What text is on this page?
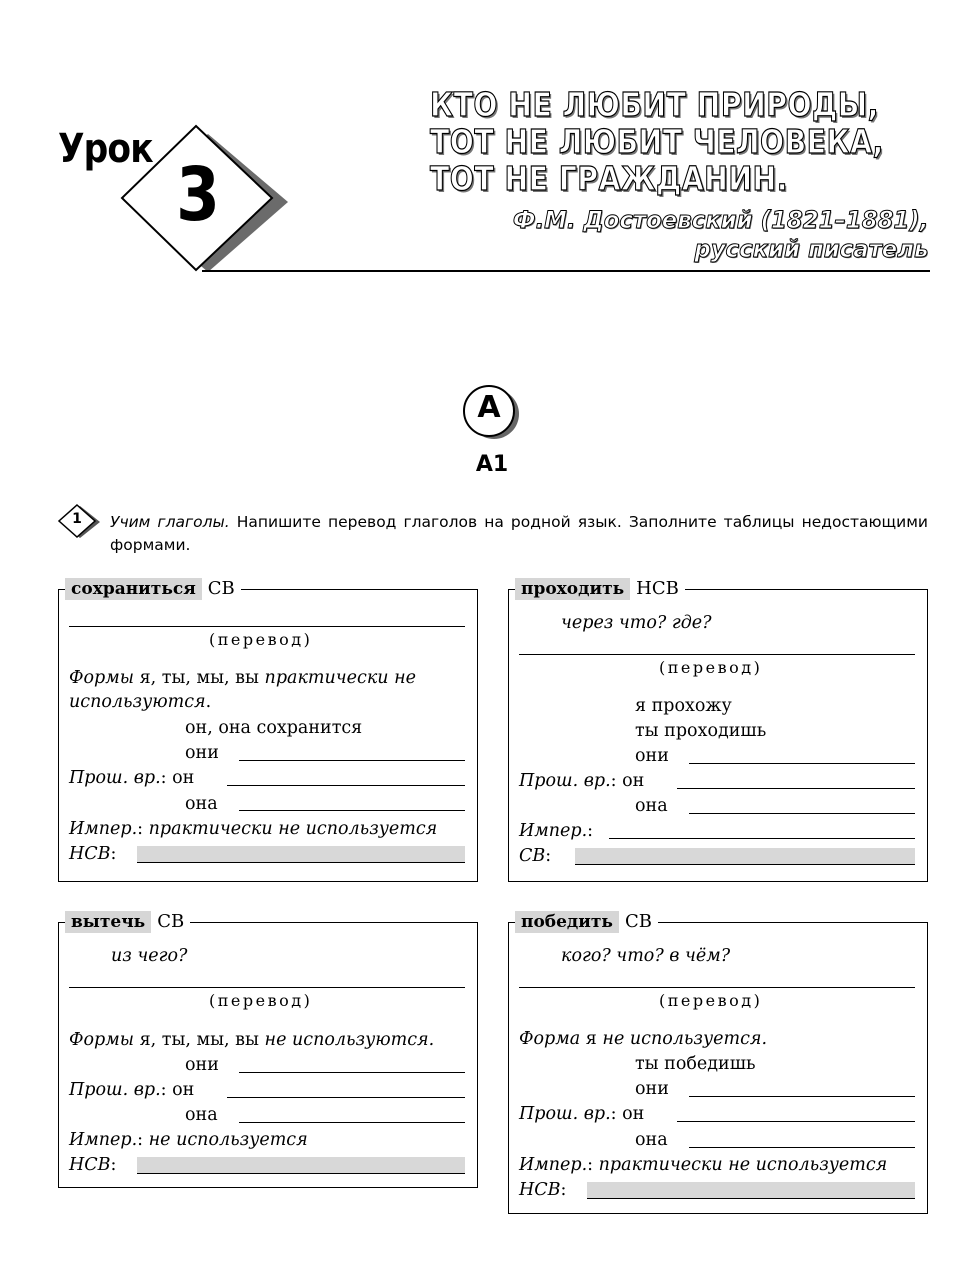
Урок
3
КТО НЕ ЛЮБИТ ПРИРОДЫ,
ТОТ НЕ ЛЮБИТ ЧЕЛОВЕКА,
ТОТ НЕ ГРАЖДАНИН.
Ф.М. Достоевский (1821–1881),
русский писатель
А
А1
1	Учим глаголы. Напишите перевод глаголов на родной язык. Заполните таблицы недостающими формами.
сохраниться СВ
(перевод)
Формы я, ты, мы, вы практически не
используются.
он, она сохранится
они
Прош. вр.: он
она
Импер.: практически не используется
НСВ:
проходить НСВ
через что? где?
(перевод)
я прохожу
ты проходишь
они
Прош. вр.: он
она
Импер.:
СВ:
вытечь СВ
из чего?
(перевод)
Формы я, ты, мы, вы не используются.
они
Прош. вр.: он
она
Импер.: не используется
НСВ:
победить СВ
кого? что? в чём?
(перевод)
Форма я не используется.
ты победишь
они
Прош. вр.: он
она
Импер.: практически не используется
НСВ:
